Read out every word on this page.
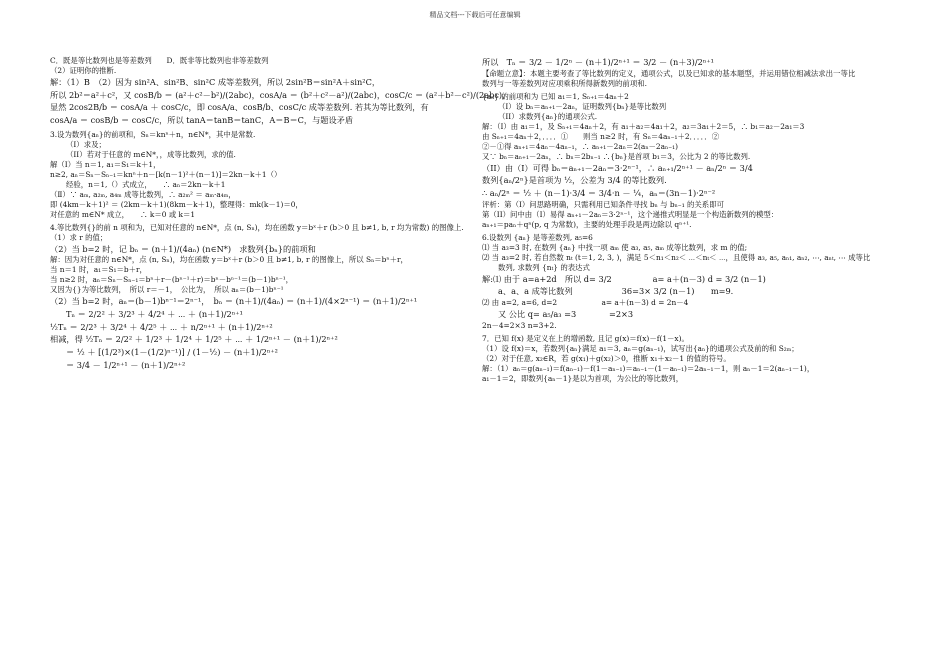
精品文档---下载后可任意编辑

C．既是等比数列也是等差数列　　D．既非等比数列也非等差数列

（2）证明你的推断.

解：（1）B　（2）因为 sin²A、sin²B、sin²C 成等差数列，所以 2sin²B＝sin²A＋sin²C，

所以 2b²＝a²＋c²，又 cosB/b ＝ (a²＋c²－b²)/(2abc)，cosA/a ＝ (b²＋c²－a²)/(2abc)，cosC/c ＝ (a²＋b²－c²)/(2abc)，

显然 2cos2B/b ＝ cosA/a ＋ cosC/c，即 cosA/a、cosB/b、cosC/c 成等差数列. 若其为等比数列，有

cosA/a ＝ cosB/b ＝ cosC/c，所以 tanA＝tanB＝tanC，A＝B＝C，与题设矛盾

3.设为数列{aₙ}的前项和，Sₙ＝knⁿ＋n，n∈N*，其中是常数.

（I）求及；

（II）若对于任意的 m∈N*，，成等比数列，求的值.

解（Ⅰ）当 n＝1, a₁＝S₁＝k＋1，

n≥2, aₙ＝Sₙ－Sₙ₋₁＝knⁿ＋n－[k(n－1)²＋(n－1)]＝2kn－k＋1（）

经验，n＝1,（）式成立，　　∴ aₙ＝2kn－k＋1

（Ⅱ）∵ aₘ, a₂ₘ, a₄ₘ 成等比数列，∴ a₂ₘ² ＝ aₘ·a₄ₘ，

即 (4km－k＋1)² ＝ (2km－k＋1)(8km－k＋1)，整理得：mk(k－1)＝0，

对任意的 m∈N* 成立，　　∴ k＝0 或 k＝1

4.等比数列{}的前 n 项和为，已知对任意的 n∈N*，点 (n, Sₙ)，均在函数 y＝bˣ＋r (b＞0 且 b≠1, b, r 均为常数) 的图像上.

（1）求 r 的值；

（2）当 b=2 时，记 bₙ ＝ (n＋1)/(4aₙ) (n∈N*)　求数列{bₙ}的前项和

解：因为对任意的 n∈N*，点 (n, Sₙ)，均在函数 y＝bˣ＋r (b＞0 且 b≠1, b, r 的图像上，所以 Sₙ＝bⁿ＋r，

当 n＝1 时，a₁＝S₁＝b＋r，

当 n≥2 时，aₙ＝Sₙ－Sₙ₋₁＝bⁿ＋r－(bⁿ⁻¹＋r)＝bⁿ－bⁿ⁻¹＝(b－1)bⁿ⁻¹，

又因为{}为等比数列，　所以 r＝－1，　公比为，　所以 aₙ＝(b－1)bⁿ⁻¹

（2）当 b=2 时，aₙ＝(b－1)bⁿ⁻¹＝2ⁿ⁻¹，　bₙ ＝ (n＋1)/(4aₙ) ＝ (n＋1)/(4×2ⁿ⁻¹) ＝ (n＋1)/2ⁿ⁺¹

Tₙ ＝ 2/2² ＋ 3/2³ ＋ 4/2⁴ ＋ ⋯ ＋ (n＋1)/2ⁿ⁺¹

½Tₙ ＝ 2/2³ ＋ 3/2⁴ ＋ 4/2⁵ ＋ ⋯ ＋ n/2ⁿ⁺¹ ＋ (n＋1)/2ⁿ⁺²

相减，得 ½Tₙ ＝ 2/2² ＋ 1/2³ ＋ 1/2⁴ ＋ 1/2⁵ ＋ ⋯ ＋ 1/2ⁿ⁺¹ － (n＋1)/2ⁿ⁺²

＝ ½ ＋ [(1/2³)×(1－(1/2)ⁿ⁻¹)] / (1－½) － (n＋1)/2ⁿ⁺²

＝ 3/4 － 1/2ⁿ⁺¹ － (n＋1)/2ⁿ⁺²

所以　Tₙ ＝ 3/2 － 1/2ⁿ － (n＋1)/2ⁿ⁺¹ ＝ 3/2 － (n＋3)/2ⁿ⁺¹

【命题立意】：本题主要考查了等比数列的定义，通项公式，以及已知求的基本题型，并运用错位相减法求出一等比

数列与一等差数列对应项乘积所得新数列的前项和.

{aₙ} 的前项和为 已知 a₁＝1, Sₙ₊₁＝4aₙ＋2

（I）设 bₙ＝aₙ₊₁－2aₙ，证明数列{bₙ}是等比数列

（II）求数列{aₙ}的通项公式.

解：（I）由 a₁＝1，及 Sₙ₊₁＝4aₙ＋2，有 a₁＋a₂＝4a₁＋2，a₂＝3a₁＋2＝5，∴ b₁＝a₂－2a₁＝3

由 Sₙ₊₁＝4aₙ＋2，．．．．①　　则当 n≥2 时，有 Sₙ＝4aₙ₋₁＋2．．．．．②

②－①得 aₙ₊₁＝4aₙ－4aₙ₋₁，∴ aₙ₊₁－2aₙ＝2(aₙ－2aₙ₋₁)

又∵ bₙ＝aₙ₊₁－2aₙ，∴ bₙ＝2bₙ₋₁ ∴{bₙ}是首项 b₁＝3，公比为 2 的等比数列.

（II）由（I）可得 bₙ＝aₙ₊₁－2aₙ＝3·2ⁿ⁻¹，∴ aₙ₊₁/2ⁿ⁺¹ － aₙ/2ⁿ ＝ 3/4

数列{aₙ/2ⁿ}是首项为 ½，公差为 3/4 的等比数列.

∴ aₙ/2ⁿ ＝ ½ ＋ (n－1)·3/4 ＝ 3/4·n － ¼，aₙ＝(3n－1)·2ⁿ⁻²

评析：第（I）问思路明确，只需利用已知条件寻找 bₙ 与 bₙ₋₁ 的关系即可

第（II）问中由（I）易得 aₙ₊₁－2aₙ＝3·2ⁿ⁻¹，这个递推式明显是一个构造新数列的模型：

aₙ₊₁＝paₙ＋qⁿ(p, q 为常数)，主要的处理手段是两边除以 qⁿ⁺¹.

6.设数列 {aₙ} 是等差数列, a₅=6

⑴ 当 a₃=3 时, 在数列 {aₙ} 中找一项 aₘ 使 a₃, a₅, aₘ 成等比数列，求 m 的值;

⑵ 当 a₃=2 时, 若自然数 nₜ (t＝1, 2, 3, )，满足 5＜n₁＜n₂＜ ⋯＜nₜ＜ ⋯，且使得 a₃, a₅, aₙ₁, aₙ₂, ⋯, aₙₜ, ⋯ 成等比

数列, 求数列 {nₜ} 的表达式

解:⑴ 由于 a=a+2d　所以 d= 3/2　　　　　a= a＋(n－3) d = 3/2 (n－1)

a、a、a 成等比数列　　　　　　36=3× 3/2 (n－1)　　m=9.

⑵ 由 a=2, a=6, d=2　　　　　　a= a＋(n－3) d = 2n－4

又 公比 q= a₅/a₃ =3　　　　=2×3

2n－4=2×3 n=3+2.

7．已知 f(x) 是定义在上的增函数, 且记 g(x)＝f(x)－f(1－x)。

（1）设 f(x)＝x，若数列{aₙ}满足 a₁＝3, aₙ＝g(aₙ₋₁)，试写出{aₙ}的通项公式及前的和 S₂ₘ；

（2）对于任意, x₂∈R，若 g(x₁)＋g(x₂)＞0，推断 x₁＋x₂－1 的值的符号。

解：（1）aₙ＝g(aₙ₋₁)＝f(aₙ₋₁)－f(1－aₙ₋₁)＝aₙ₋₁－(1－aₙ₋₁)＝2aₙ₋₁－1，则 aₙ－1＝2(aₙ₋₁－1)，

a₁－1＝2，即数列{aₙ－1}是以为首项，为公比的等比数列，
